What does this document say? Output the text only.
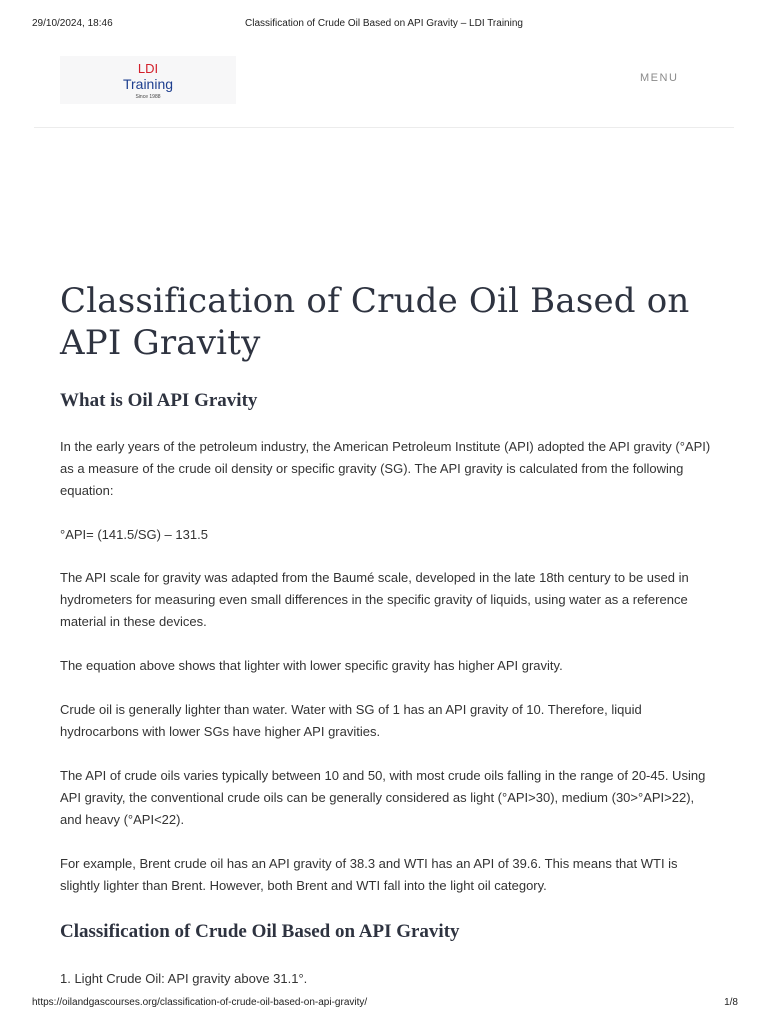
29/10/2024, 18:46	Classification of Crude Oil Based on API Gravity – LDI Training
LDI
Training
Since 1988
MENU
Classification of Crude Oil Based on API Gravity
What is Oil API Gravity

In the early years of the petroleum industry, the American Petroleum Institute (API) adopted the API gravity (°API) as a measure of the crude oil density or specific gravity (SG). The API gravity is calculated from the following equation:

°API= (141.5/SG) – 131.5

The API scale for gravity was adapted from the Baumé scale, developed in the late 18th century to be used in hydrometers for measuring even small differences in the specific gravity of liquids, using water as a reference material in these devices.

The equation above shows that lighter with lower specific gravity has higher API gravity.

Crude oil is generally lighter than water. Water with SG of 1 has an API gravity of 10. Therefore, liquid hydrocarbons with lower SGs have higher API gravities.

The API of crude oils varies typically between 10 and 50, with most crude oils falling in the range of 20-45. Using API gravity, the conventional crude oils can be generally considered as light (°API>30), medium (30>°API>22), and heavy (°API<22).

For example, Brent crude oil has an API gravity of 38.3 and WTI has an API of 39.6. This means that WTI is slightly lighter than Brent. However, both Brent and WTI fall into the light oil category.

Classification of Crude Oil Based on API Gravity

1. Light Crude Oil: API gravity above 31.1°.

https://oilandgascourses.org/classification-of-crude-oil-based-on-api-gravity/	1/8
